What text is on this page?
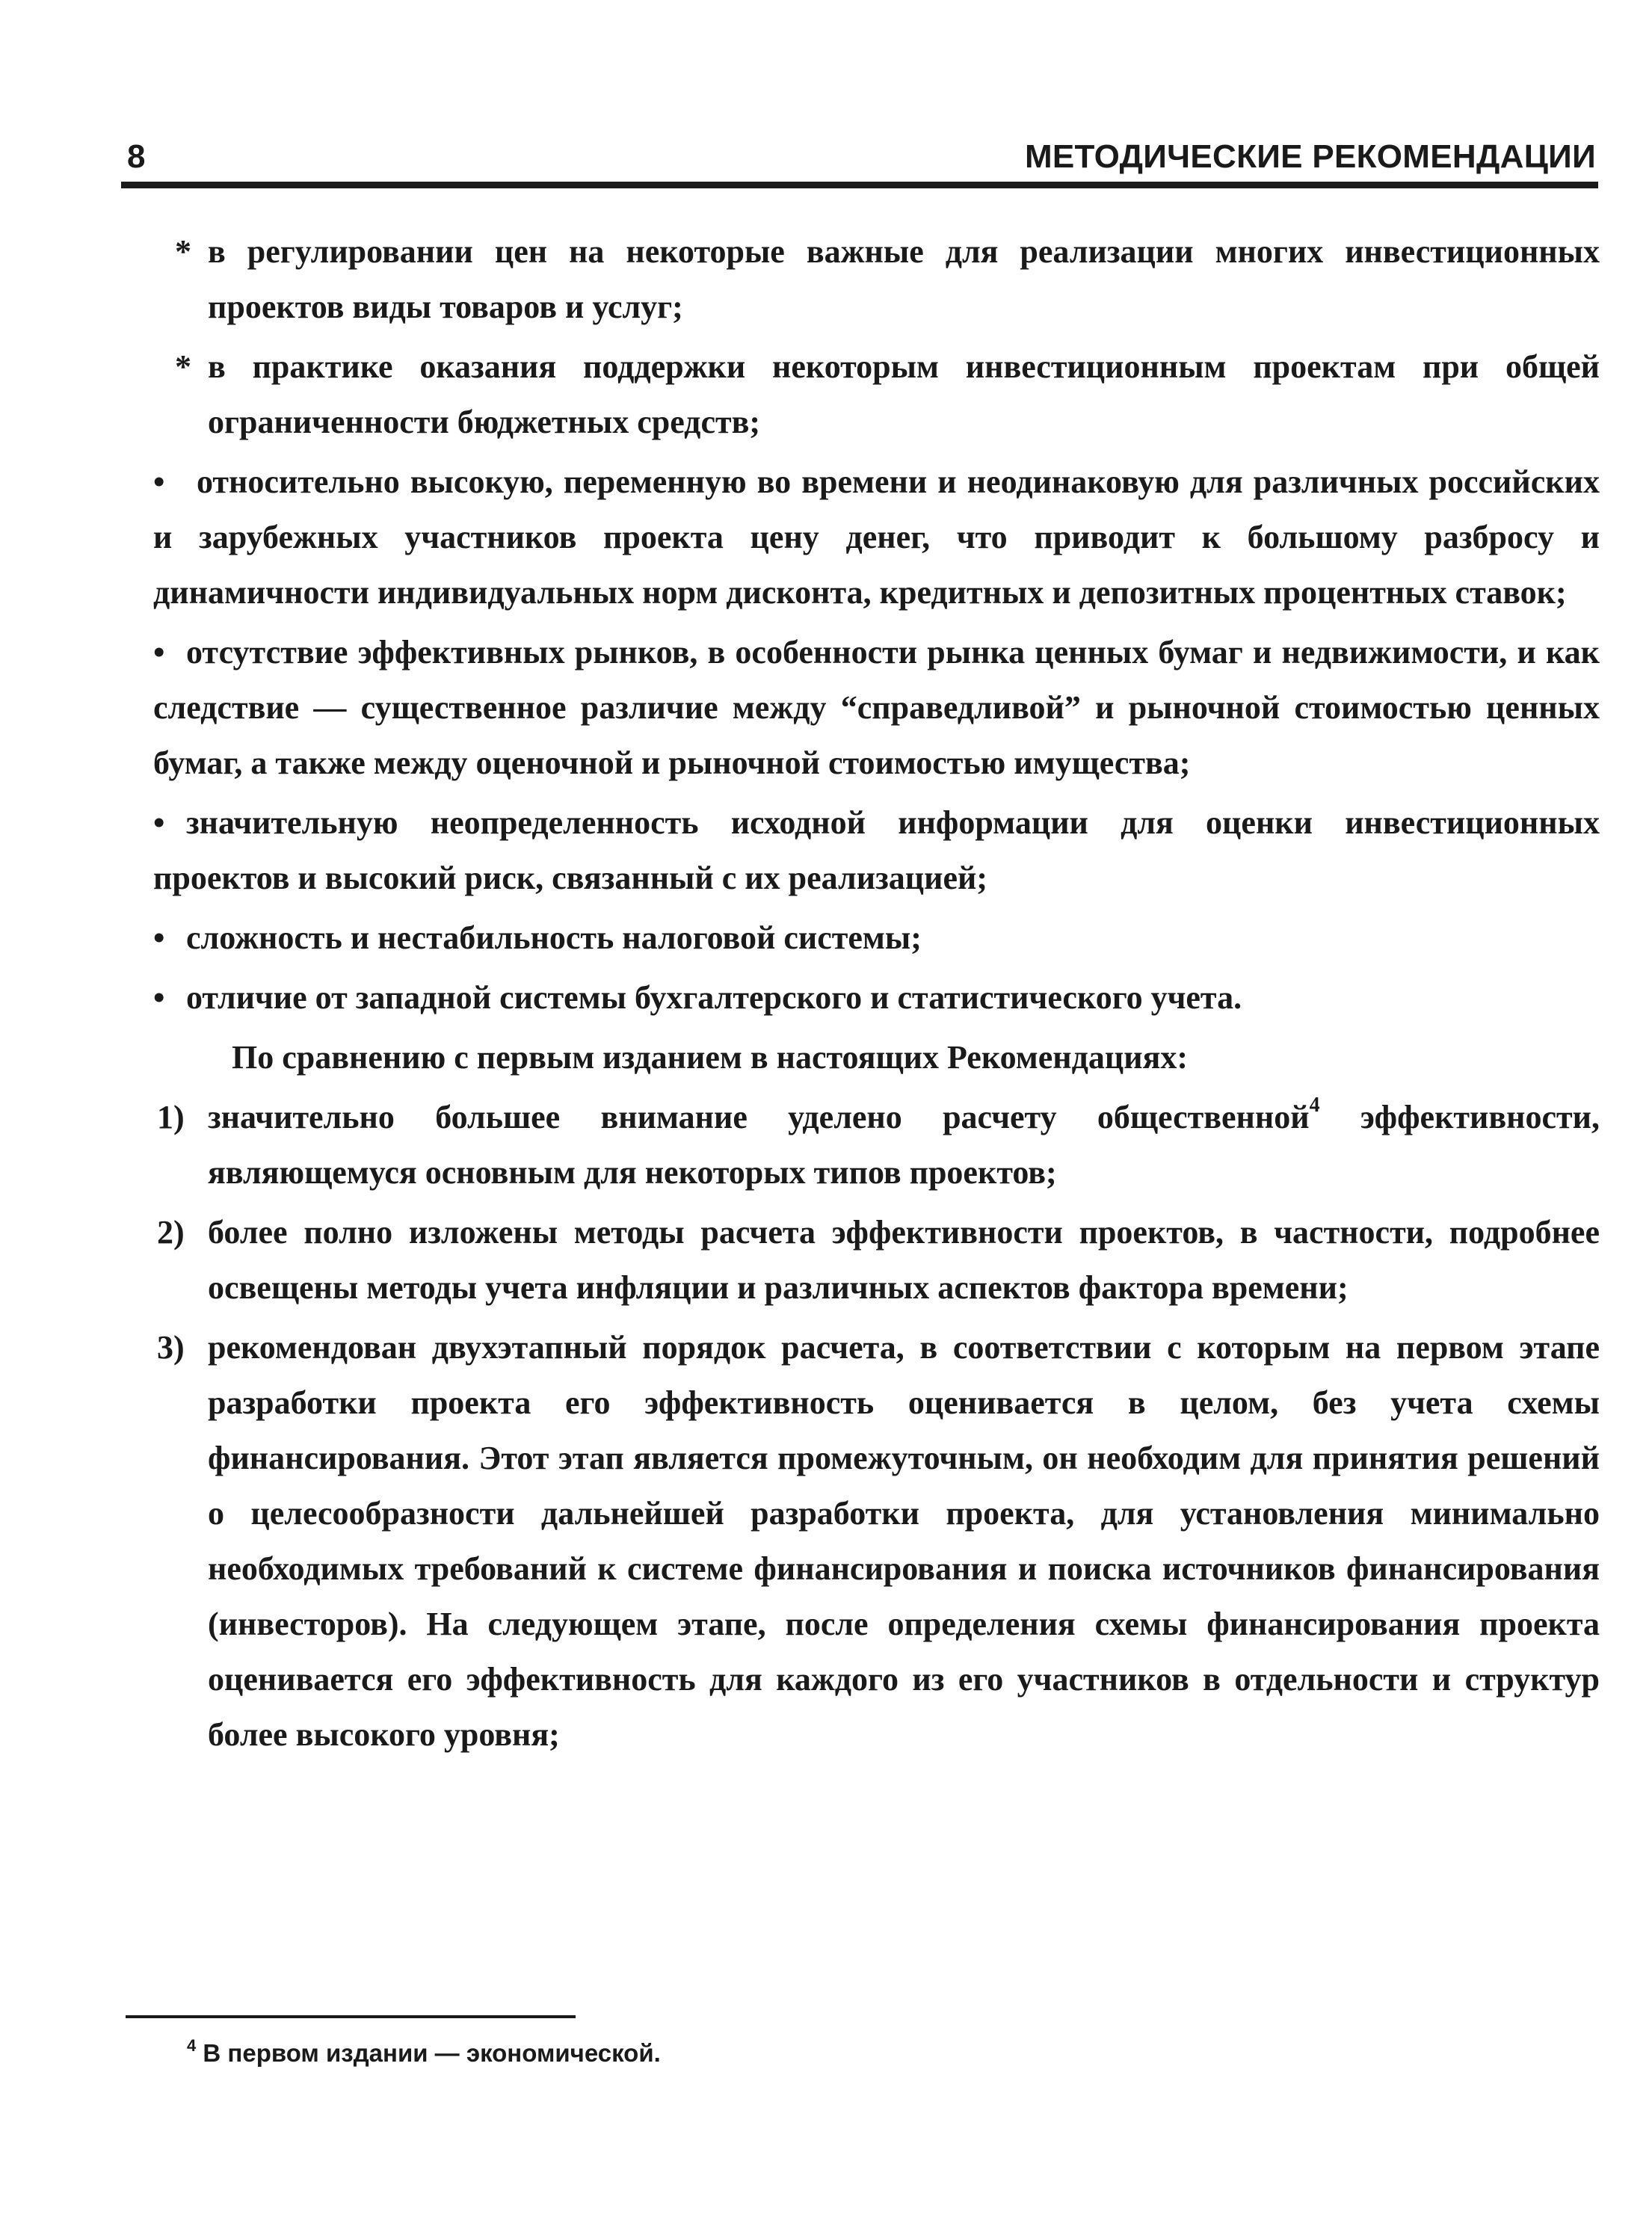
8	МЕТОДИЧЕСКИЕ РЕКОМЕНДАЦИИ

* в регулировании цен на некоторые важные для реализации многих инвестиционных проектов виды товаров и услуг;

* в практике оказания поддержки некоторым инвестиционным проектам при общей ограниченности бюджетных средств;

• относительно высокую, переменную во времени и неодинаковую для различных российских и зарубежных участников проекта цену денег, что приводит к большому разбросу и динамичности индивидуальных норм дисконта, кредитных и депозитных процентных ставок;

• отсутствие эффективных рынков, в особенности рынка ценных бумаг и недвижимости, и как следствие — существенное различие между “справедливой” и рыночной стоимостью ценных бумаг, а также между оценочной и рыночной стоимостью имущества;

• значительную неопределенность исходной информации для оценки инвестиционных проектов и высокий риск, связанный с их реализацией;

• сложность и нестабильность налоговой системы;

• отличие от западной системы бухгалтерского и статистического учета.

По сравнению с первым изданием в настоящих Рекомендациях:

1) значительно большее внимание уделено расчету общественной$^4$ эффективности, являющемуся основным для некоторых типов проектов;

2) более полно изложены методы расчета эффективности проектов, в частности, подробнее освещены методы учета инфляции и различных аспектов фактора времени;

3) рекомендован двухэтапный порядок расчета, в соответствии с которым на первом этапе разработки проекта его эффективность оценивается в целом, без учета схемы финансирования. Этот этап является промежуточным, он необходим для принятия решений о целесообразности дальнейшей разработки проекта, для установления минимально необходимых требований к системе финансирования и поиска источников финансирования (инвесторов). На следующем этапе, после определения схемы финансирования проекта оценивается его эффективность для каждого из его участников в отдельности и структур более высокого уровня;

$^4$ В первом издании — экономической.
